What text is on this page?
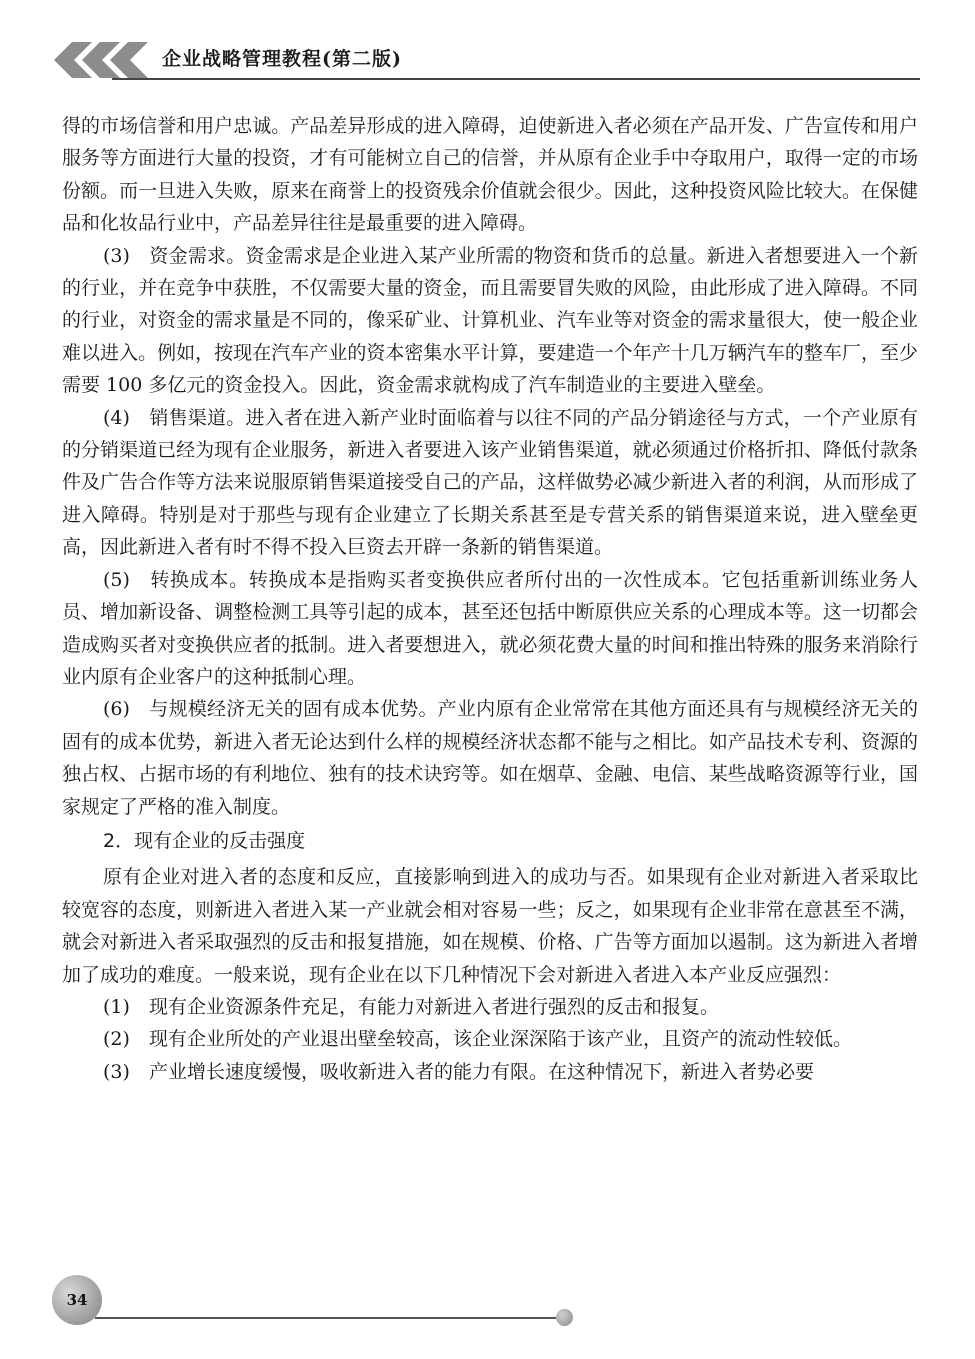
企业战略管理教程(第二版)

得的市场信誉和用户忠诚。产品差异形成的进入障碍，迫使新进入者必须在产品开发、广告宣传和用户服务等方面进行大量的投资，才有可能树立自己的信誉，并从原有企业手中夺取用户，取得一定的市场份额。而一旦进入失败，原来在商誉上的投资残余价值就会很少。因此，这种投资风险比较大。在保健品和化妆品行业中，产品差异往往是最重要的进入障碍。

(3)　 资金需求。资金需求是企业进入某产业所需的物资和货币的总量。新进入者想要进入一个新的行业，并在竞争中获胜，不仅需要大量的资金，而且需要冒失败的风险，由此形成了进入障碍。不同的行业，对资金的需求量是不同的，像采矿业、计算机业、汽车业等对资金的需求量很大，使一般企业难以进入。例如，按现在汽车产业的资本密集水平计算，要建造一个年产十几万辆汽车的整车厂，至少需要 100 多亿元的资金投入。因此，资金需求就构成了汽车制造业的主要进入壁垒。

(4)　 销售渠道。进入者在进入新产业时面临着与以往不同的产品分销途径与方式，一个产业原有的分销渠道已经为现有企业服务，新进入者要进入该产业销售渠道，就必须通过价格折扣、降低付款条件及广告合作等方法来说服原销售渠道接受自己的产品，这样做势必减少新进入者的利润，从而形成了进入障碍。特别是对于那些与现有企业建立了长期关系甚至是专营关系的销售渠道来说，进入壁垒更高，因此新进入者有时不得不投入巨资去开辟一条新的销售渠道。

(5)　 转换成本。转换成本是指购买者变换供应者所付出的一次性成本。它包括重新训练业务人员、增加新设备、调整检测工具等引起的成本，甚至还包括中断原供应关系的心理成本等。这一切都会造成购买者对变换供应者的抵制。进入者要想进入，就必须花费大量的时间和推出特殊的服务来消除行业内原有企业客户的这种抵制心理。

(6)　 与规模经济无关的固有成本优势。产业内原有企业常常在其他方面还具有与规模经济无关的固有的成本优势，新进入者无论达到什么样的规模经济状态都不能与之相比。如产品技术专利、资源的独占权、占据市场的有利地位、独有的技术诀窍等。如在烟草、金融、电信、某些战略资源等行业，国家规定了严格的准入制度。

2．现有企业的反击强度

原有企业对进入者的态度和反应，直接影响到进入的成功与否。如果现有企业对新进入者采取比较宽容的态度，则新进入者进入某一产业就会相对容易一些；反之，如果现有企业非常在意甚至不满，就会对新进入者采取强烈的反击和报复措施，如在规模、价格、广告等方面加以遏制。这为新进入者增加了成功的难度。一般来说，现有企业在以下几种情况下会对新进入者进入本产业反应强烈：

(1)　 现有企业资源条件充足，有能力对新进入者进行强烈的反击和报复。

(2)　 现有企业所处的产业退出壁垒较高，该企业深深陷于该产业，且资产的流动性较低。

(3)　 产业增长速度缓慢，吸收新进入者的能力有限。在这种情况下，新进入者势必要

34
